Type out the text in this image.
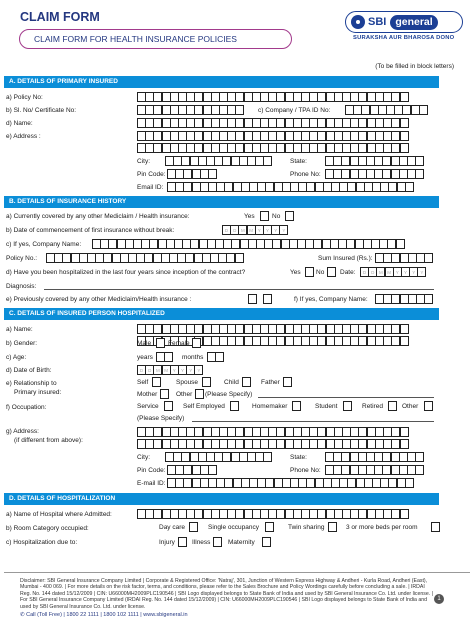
CLAIM FORM
CLAIM FORM FOR HEALTH INSURANCE POLICIES
SBI general
SURAKSHA AUR BHAROSA DONO
(To be filled in block letters)
A. DETAILS OF PRIMARY INSURED
a) Policy No:
b) Sl. No/ Certificate No:	c) Company / TPA ID No:
d) Name:
e) Address :
City:	State:
Pin Code:	Phone No:
Email ID:
B. DETAILS OF INSURANCE HISTORY
a) Currently covered by any other Mediclaim / Health insurance:	Yes	No
b) Date of commencement of first insurance without break:	D	D	M M	Y	Y	Y	Y
c) If yes, Company Name:
Policy No.:	Sum Insured (Rs.):
d) Have you been hospitalized in the last four years since inception of the contract?	Yes No Date:	D	D	M M	Y	Y	Y	Y
Diagnosis:
e) Previously covered by any other Mediclaim/Health insurance :	f) If yes, Company Name:
C. DETAILS OF INSURED PERSON HOSPITALIZED
a) Name:
b) Gender:	Male	Female
c) Age:	years	months
d) Date of Birth:	D	D	M M	Y	Y	Y	Y
e) Relationship to
Primary insured:
Self	Spouse	Child	Father
Mother	Other (Please Specify)
f) Occupation:	Service	Self Employed	Homemaker	Student	Retired	Other
(Please Specify)
g) Address:
(if different from above):
City:	State:
Pin Code:	Phone No:
E-mail ID:
D. DETAILS OF HOSPITALIZATION
a) Name of Hospital where Admitted:
b) Room Category occupied:	Day care	Single occupancy	Twin sharing	3 or more beds per room
c) Hospitalization due to:	Injury	Illness	Maternity
Disclaimer: SBI General Insurance Company Limited | Corporate & Registered Office: 'Natraj', 301, Junction of Western Express Highway & Andheri - Kurla Road, Andheri (East), Mumbai - 400 069. | For more details on the risk factor, terms, and conditions, please refer to the Sales Brochure and Policy Wordings carefully before concluding a sale. | IRDAI Reg. No. 144 dated 15/12/2009 | CIN: U66000MH2009PLC190546 | SBI Logo displayed belongs to State Bank of India and used by SBI General Insurance Co. Ltd. under license. | For SBI General Insurance Company Limited (IRDAI Reg. No. 144 dated 15/12/2009) | CIN: U66000MH2009PLC190546 | SBI Logo displayed belongs to State Bank of India and used by SBI General Insurance Co. Ltd. under license.
1
✆ Call (Toll Free) | 1800 22 1111 | 1800 102 1111 | www.sbigeneral.in
